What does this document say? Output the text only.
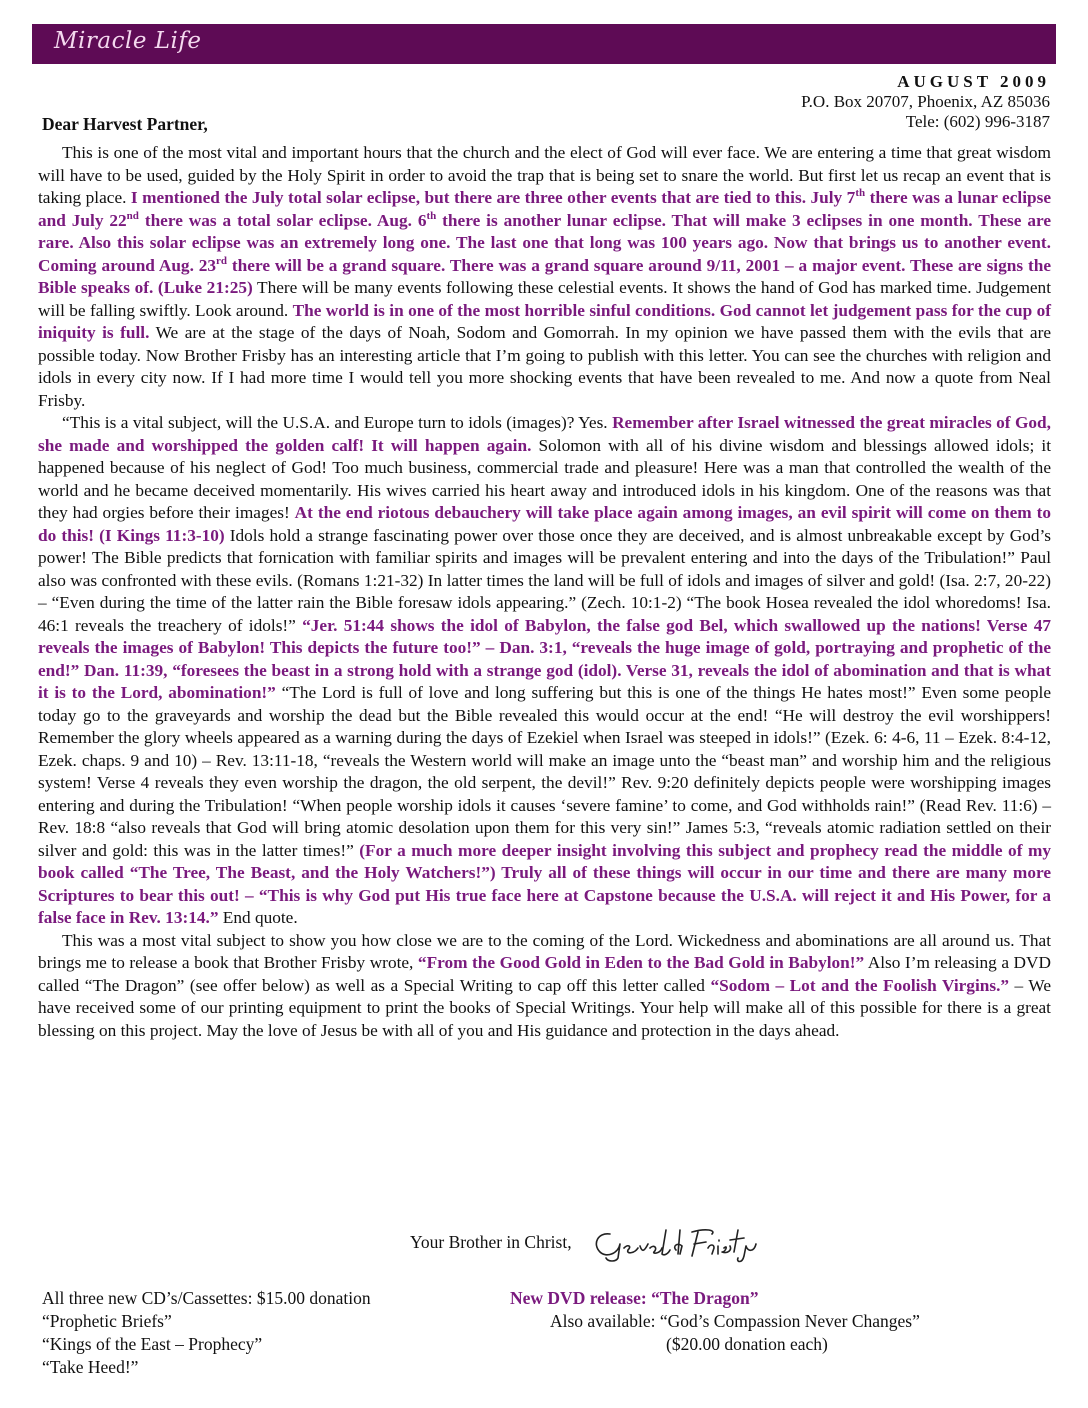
Miracle Life
AUGUST 2009
P.O. Box 20707, Phoenix, AZ 85036
Tele: (602) 996-3187
Dear Harvest Partner,

This is one of the most vital and important hours that the church and the elect of God will ever face. We are entering a time that great wisdom will have to be used, guided by the Holy Spirit in order to avoid the trap that is being set to snare the world. But first let us recap an event that is taking place. I mentioned the July total solar eclipse, but there are three other events that are tied to this. July 7th there was a lunar eclipse and July 22nd there was a total solar eclipse. Aug. 6th there is another lunar eclipse. That will make 3 eclipses in one month. These are rare. Also this solar eclipse was an extremely long one. The last one that long was 100 years ago. Now that brings us to another event. Coming around Aug. 23rd there will be a grand square. There was a grand square around 9/11, 2001 – a major event. These are signs the Bible speaks of. (Luke 21:25) There will be many events following these celestial events. It shows the hand of God has marked time. Judgement will be falling swiftly. Look around. The world is in one of the most horrible sinful conditions. God cannot let judgement pass for the cup of iniquity is full. We are at the stage of the days of Noah, Sodom and Gomorrah. In my opinion we have passed them with the evils that are possible today. Now Brother Frisby has an interesting article that I’m going to publish with this letter. You can see the churches with religion and idols in every city now. If I had more time I would tell you more shocking events that have been revealed to me. And now a quote from Neal Frisby.

“This is a vital subject, will the U.S.A. and Europe turn to idols (images)? Yes. Remember after Israel witnessed the great miracles of God, she made and worshipped the golden calf! It will happen again. Solomon with all of his divine wisdom and blessings allowed idols; it happened because of his neglect of God! Too much business, commercial trade and pleasure! Here was a man that controlled the wealth of the world and he became deceived momentarily. His wives carried his heart away and introduced idols in his kingdom. One of the reasons was that they had orgies before their images! At the end riotous debauchery will take place again among images, an evil spirit will come on them to do this! (I Kings 11:3-10) Idols hold a strange fascinating power over those once they are deceived, and is almost unbreakable except by God’s power! The Bible predicts that fornication with familiar spirits and images will be prevalent entering and into the days of the Tribulation!” Paul also was confronted with these evils. (Romans 1:21-32) In latter times the land will be full of idols and images of silver and gold! (Isa. 2:7, 20-22) – “Even during the time of the latter rain the Bible foresaw idols appearing.” (Zech. 10:1-2) “The book Hosea revealed the idol whoredoms! Isa. 46:1 reveals the treachery of idols!” “Jer. 51:44 shows the idol of Babylon, the false god Bel, which swallowed up the nations! Verse 47 reveals the images of Babylon! This depicts the future too!” – Dan. 3:1, “reveals the huge image of gold, portraying and prophetic of the end!” Dan. 11:39, “foresees the beast in a strong hold with a strange god (idol). Verse 31, reveals the idol of abomination and that is what it is to the Lord, abomination!” “The Lord is full of love and long suffering but this is one of the things He hates most!” Even some people today go to the graveyards and worship the dead but the Bible revealed this would occur at the end! “He will destroy the evil worshippers! Remember the glory wheels appeared as a warning during the days of Ezekiel when Israel was steeped in idols!” (Ezek. 6: 4-6, 11 – Ezek. 8:4-12, Ezek. chaps. 9 and 10) – Rev. 13:11-18, “reveals the Western world will make an image unto the “beast man” and worship him and the religious system! Verse 4 reveals they even worship the dragon, the old serpent, the devil!” Rev. 9:20 definitely depicts people were worshipping images entering and during the Tribulation! “When people worship idols it causes ‘severe famine’ to come, and God withholds rain!” (Read Rev. 11:6) – Rev. 18:8 “also reveals that God will bring atomic desolation upon them for this very sin!” James 5:3, “reveals atomic radiation settled on their silver and gold: this was in the latter times!” (For a much more deeper insight involving this subject and prophecy read the middle of my book called “The Tree, The Beast, and the Holy Watchers!”) Truly all of these things will occur in our time and there are many more Scriptures to bear this out! – “This is why God put His true face here at Capstone because the U.S.A. will reject it and His Power, for a false face in Rev. 13:14.” End quote.

This was a most vital subject to show you how close we are to the coming of the Lord. Wickedness and abominations are all around us. That brings me to release a book that Brother Frisby wrote, “From the Good Gold in Eden to the Bad Gold in Babylon!” Also I’m releasing a DVD called “The Dragon” (see offer below) as well as a Special Writing to cap off this letter called “Sodom – Lot and the Foolish Virgins.” – We have received some of our printing equipment to print the books of Special Writings. Your help will make all of this possible for there is a great blessing on this project. May the love of Jesus be with all of you and His guidance and protection in the days ahead.

Your Brother in Christ,
All three new CD’s/Cassettes: $15.00 donation
“Prophetic Briefs”
“Kings of the East – Prophecy”
“Take Heed!”
New DVD release: “The Dragon”
Also available: “God’s Compassion Never Changes”
($20.00 donation each)
